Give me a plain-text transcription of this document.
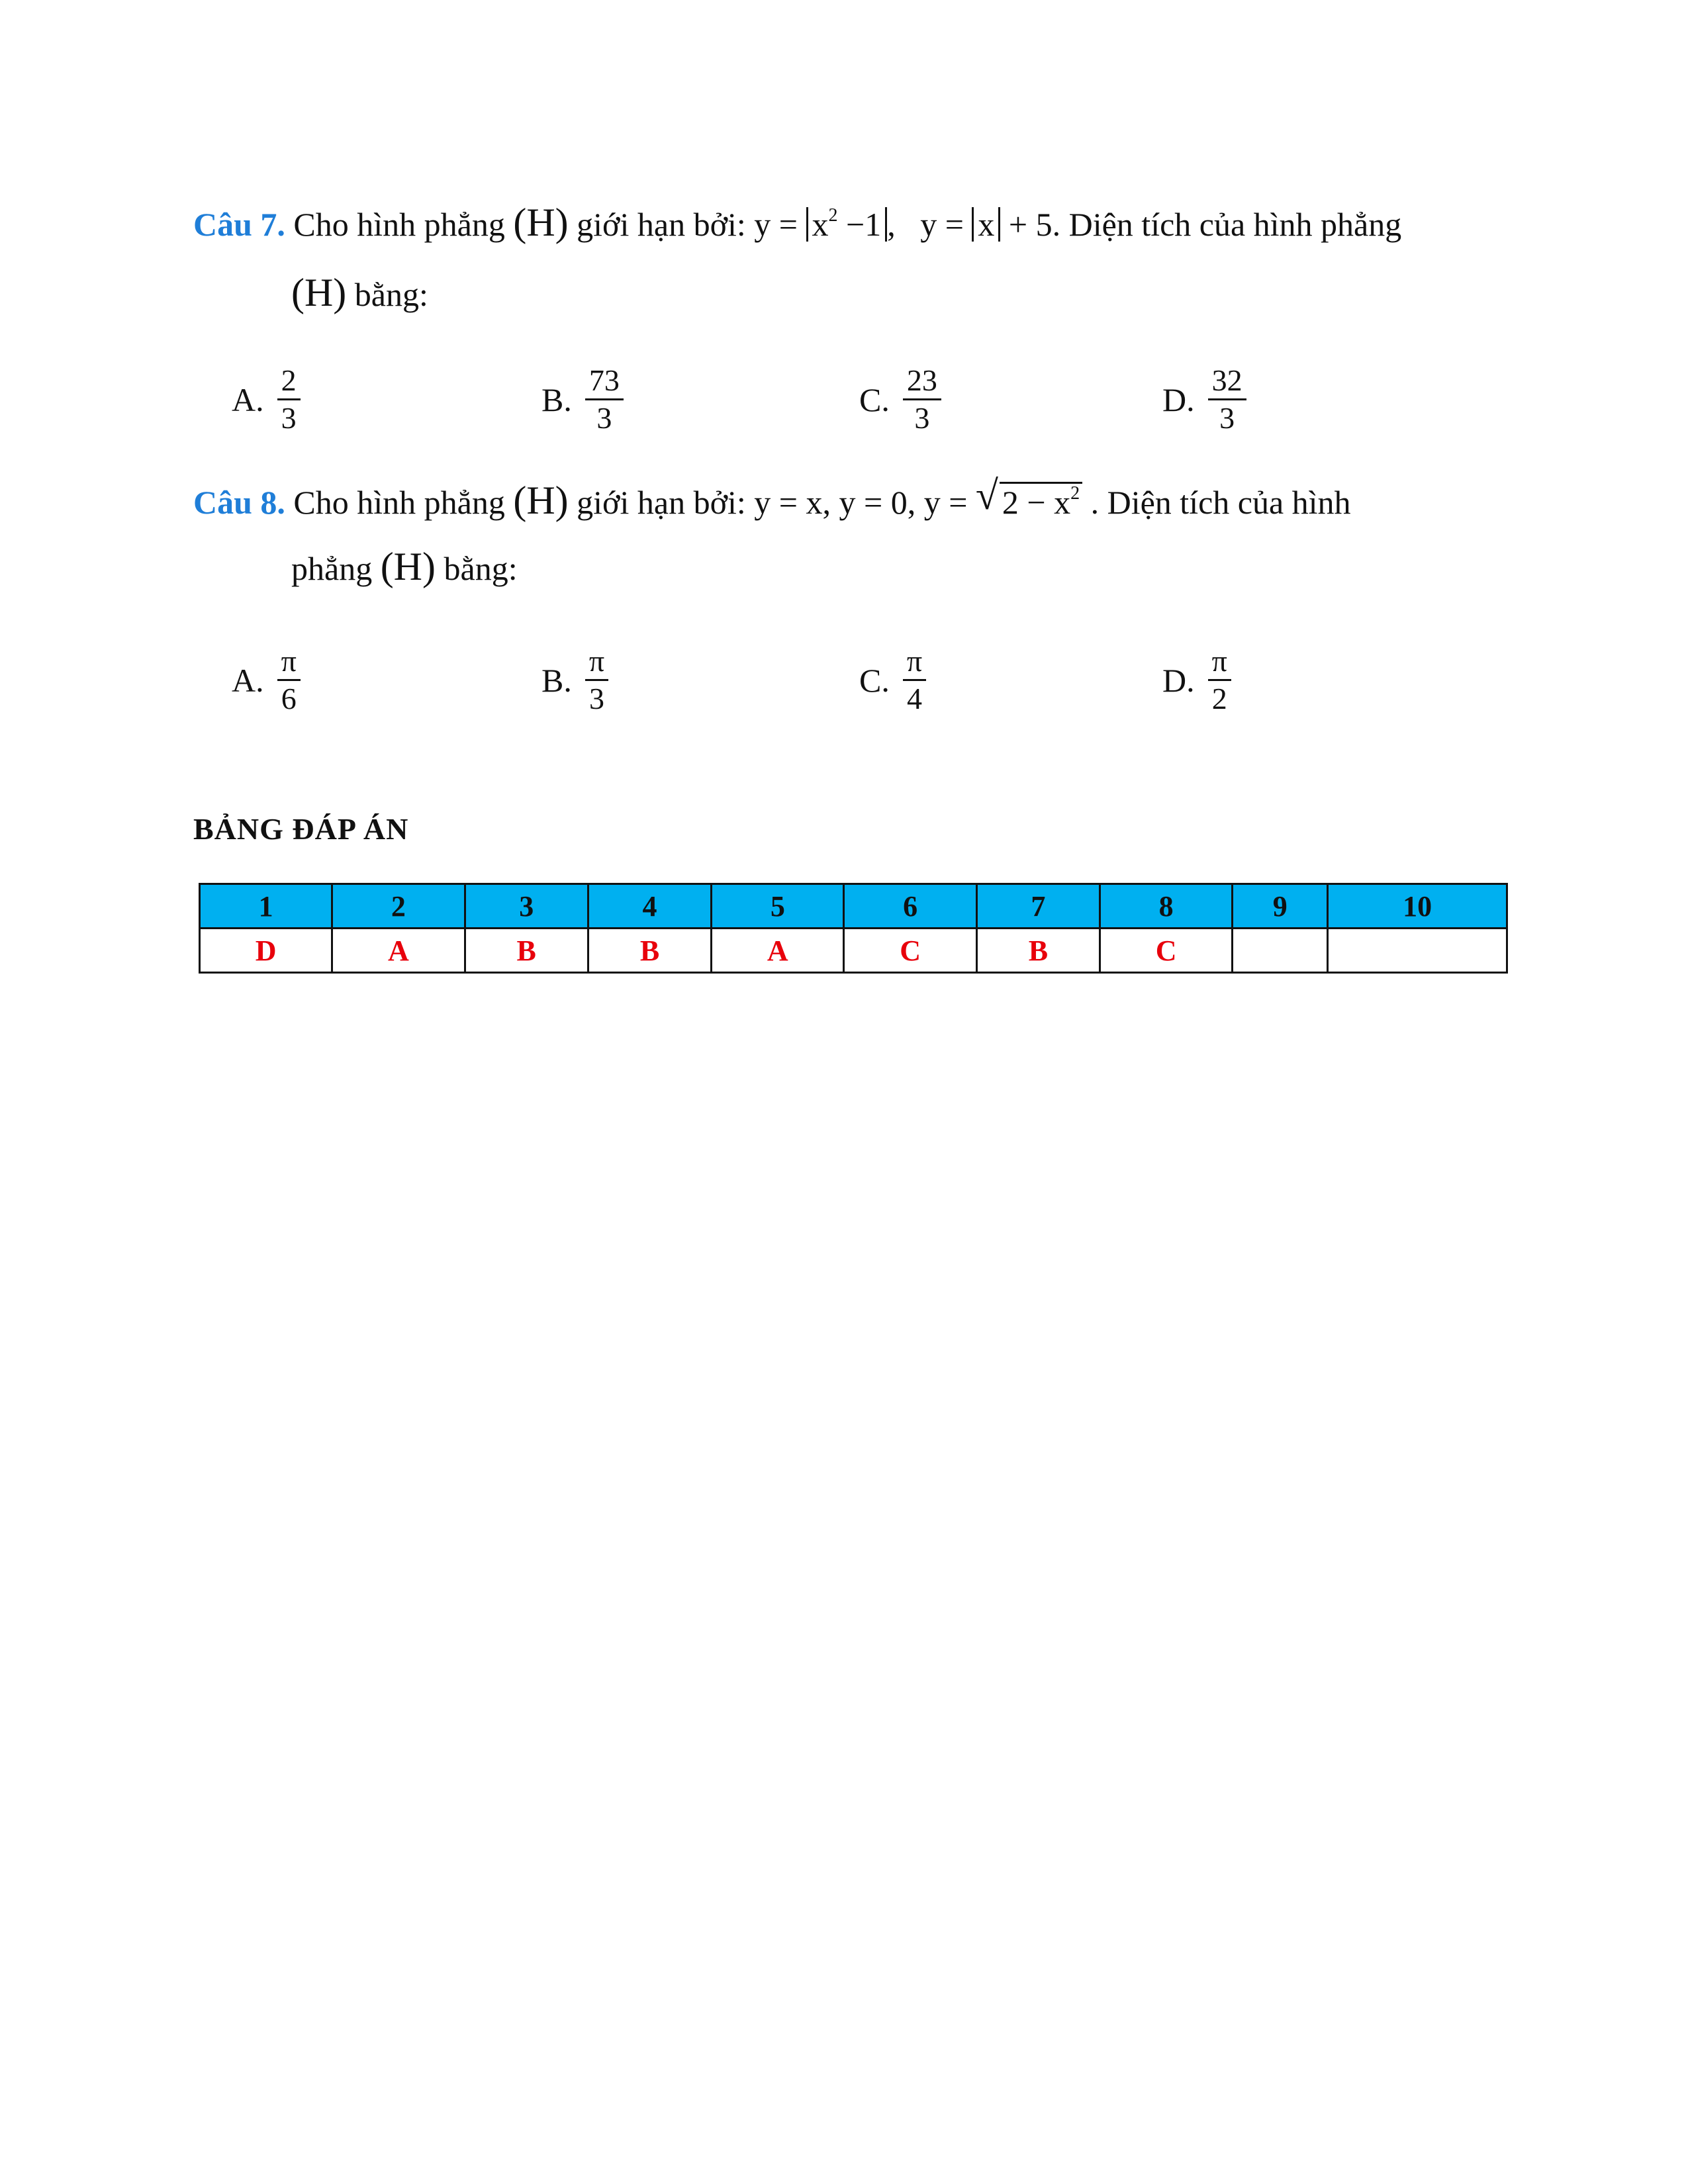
Câu 7. Cho hình phẳng (H) giới hạn bởi: $y = x^2 -1$ , y = x + 5. Diện tích của hình phẳng
(H) bằng:
A. $\frac{2}{3}$	B. $\frac{73}{3}$	C. $\frac{23}{3}$	D. $\frac{32}{3}$
Câu 8. Cho hình phẳng (H) giới hạn bởi: y = x, y = 0, y = √ $2 - x^2$ . Diện tích của hình
phẳng (H) bằng:
A. $\frac{\pi}{6}$	B. $\frac{\pi}{3}$	C. $\frac{\pi}{4}$	D. $\frac{\pi}{2}$
BẢNG ĐÁP ÁN
1	2	3	4	5	6	7	8	9	10
D	A	B	B	A	C	B	C		
